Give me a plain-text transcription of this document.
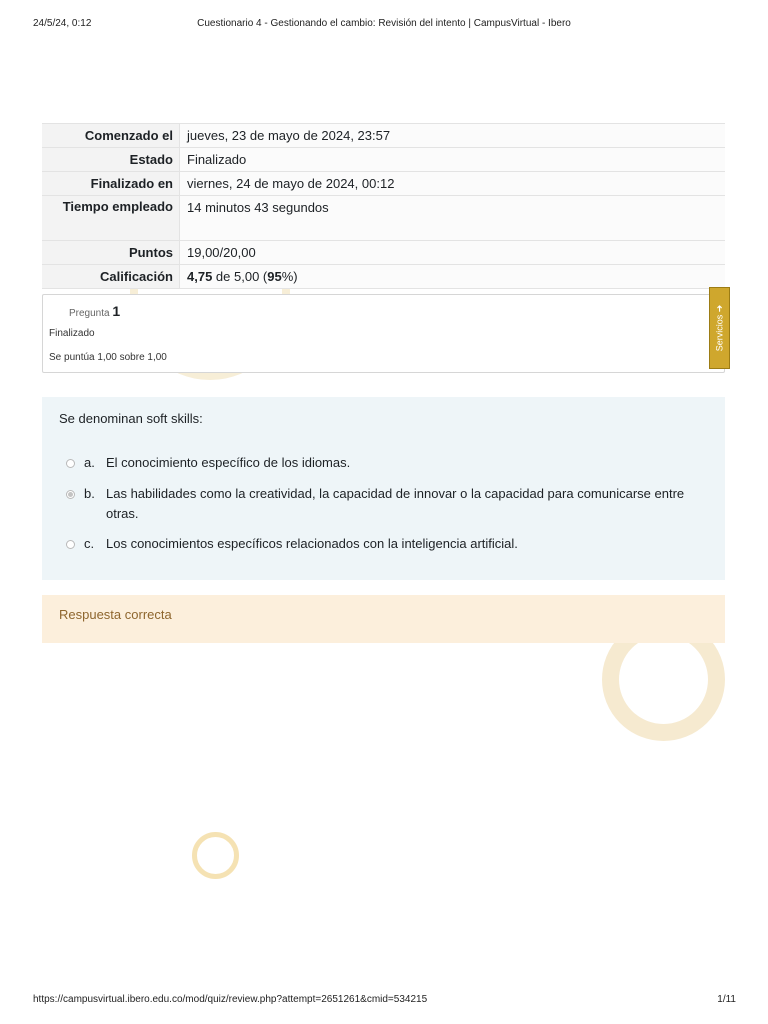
24/5/24, 0:12	Cuestionario 4 - Gestionando el cambio: Revisión del intento | CampusVirtual - Ibero
Comenzado el	jueves, 23 de mayo de 2024, 23:57
Estado	Finalizado
Finalizado en	viernes, 24 de mayo de 2024, 00:12
Tiempo empleado	14 minutos 43 segundos
Puntos	19,00/20,00
Calificación	4,75 de 5,00 (95%)
Pregunta 1
Finalizado
Se puntúa 1,00 sobre 1,00
Servicios ➜
Se denominan soft skills:
a. El conocimiento específico de los idiomas.
b. Las habilidades como la creatividad, la capacidad de innovar o la capacidad para comunicarse entre otras.
c. Los conocimientos específicos relacionados con la inteligencia artificial.
Respuesta correcta
https://campusvirtual.ibero.edu.co/mod/quiz/review.php?attempt=2651261&cmid=534215	1/11
